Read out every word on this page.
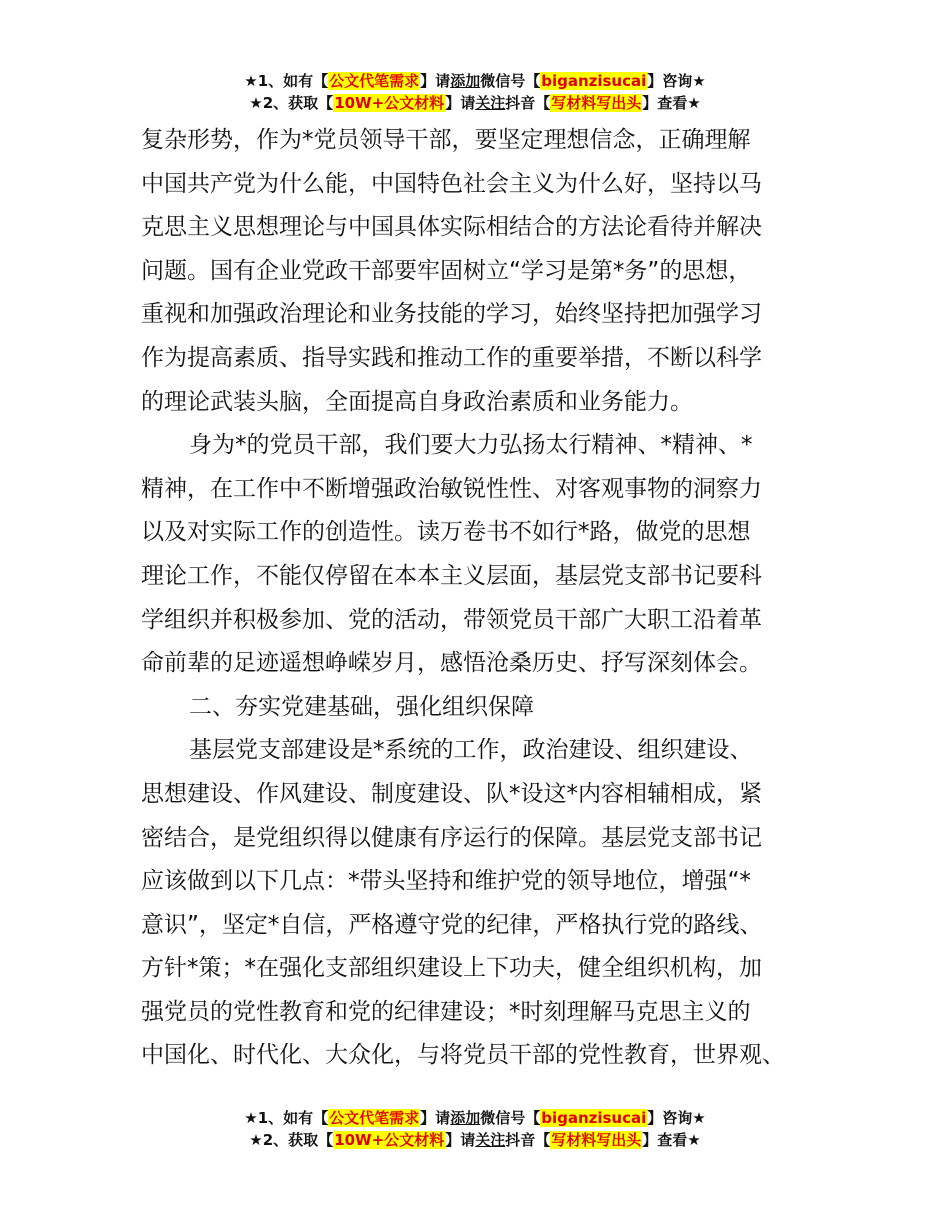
★1、如有【公文代笔需求】请添加微信号【biganzisucai】咨询★
★2、获取【10W+公文材料】请关注抖音【写材料写出头】查看★

复杂形势，作为*党员领导干部，要坚定理想信念，正确理解
中国共产党为什么能，中国特色社会主义为什么好，坚持以马
克思主义思想理论与中国具体实际相结合的方法论看待并解决
问题。国有企业党政干部要牢固树立“学习是第*务”的思想，
重视和加强政治理论和业务技能的学习，始终坚持把加强学习
作为提高素质、指导实践和推动工作的重要举措，不断以科学
的理论武装头脑，全面提高自身政治素质和业务能力。

身为*的党员干部，我们要大力弘扬太行精神、*精神、*

精神，在工作中不断增强政治敏锐性性、对客观事物的洞察力
以及对实际工作的创造性。读万卷书不如行*路，做党的思想
理论工作，不能仅停留在本本主义层面，基层党支部书记要科
学组织并积极参加、党的活动，带领党员干部广大职工沿着革
命前辈的足迹遥想峥嵘岁月，感悟沧桑历史、抒写深刻体会。

二、夯实党建基础，强化组织保障

基层党支部建设是*系统的工作，政治建设、组织建设、

思想建设、作风建设、制度建设、队*设这*内容相辅相成，紧
密结合，是党组织得以健康有序运行的保障。基层党支部书记
应该做到以下几点：*带头坚持和维护党的领导地位，增强“*
意识”，坚定*自信，严格遵守党的纪律，严格执行党的路线、
方针*策；*在强化支部组织建设上下功夫，健全组织机构，加
强党员的党性教育和党的纪律建设；*时刻理解马克思主义的
中国化、时代化、大众化，与将党员干部的党性教育，世界观、

★1、如有【公文代笔需求】请添加微信号【biganzisucai】咨询★
★2、获取【10W+公文材料】请关注抖音【写材料写出头】查看★
